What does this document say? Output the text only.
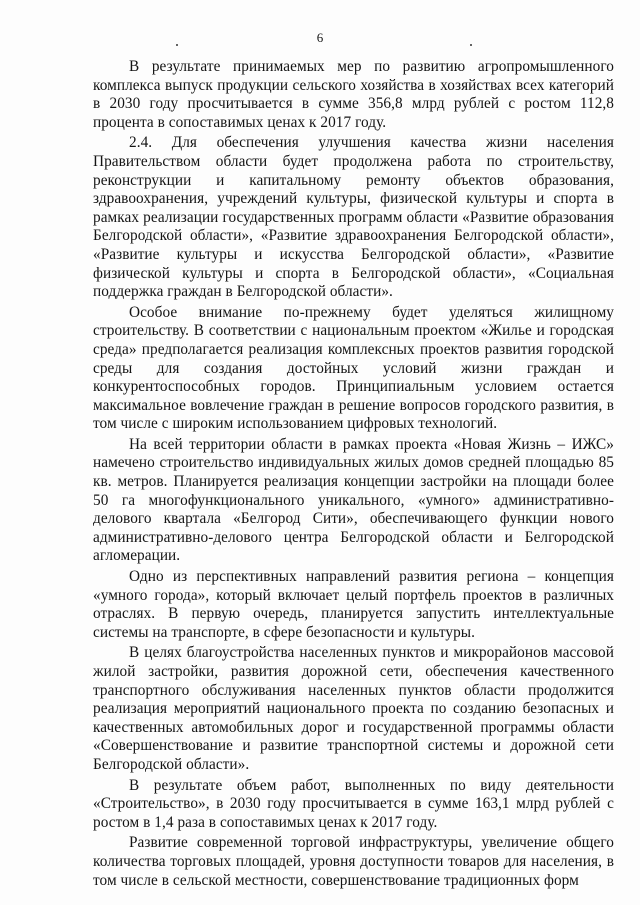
6

В результате принимаемых мер по развитию агропромышленного комплекса выпуск продукции сельского хозяйства в хозяйствах всех категорий в 2030 году просчитывается в сумме 356,8 млрд рублей с ростом 112,8 процента в сопоставимых ценах к 2017 году.

2.4. Для обеспечения улучшения качества жизни населения Правительством области будет продолжена работа по строительству, реконструкции и капитальному ремонту объектов образования, здравоохранения, учреждений культуры, физической культуры и спорта в рамках реализации государственных программ области «Развитие образования Белгородской области», «Развитие здравоохранения Белгородской области», «Развитие культуры и искусства Белгородской области», «Развитие физической культуры и спорта в Белгородской области», «Социальная поддержка граждан в Белгородской области».

Особое внимание по-прежнему будет уделяться жилищному строительству. В соответствии с национальным проектом «Жилье и городская среда» предполагается реализация комплексных проектов развития городской среды для создания достойных условий жизни граждан и конкурентоспособных городов. Принципиальным условием остается максимальное вовлечение граждан в решение вопросов городского развития, в том числе с широким использованием цифровых технологий.

На всей территории области в рамках проекта «Новая Жизнь – ИЖС» намечено строительство индивидуальных жилых домов средней площадью 85 кв. метров. Планируется реализация концепции застройки на площади более 50 га многофункционального уникального, «умного» административно-делового квартала «Белгород Сити», обеспечивающего функции нового административно-делового центра Белгородской области и Белгородской агломерации.

Одно из перспективных направлений развития региона – концепция «умного города», который включает целый портфель проектов в различных отраслях. В первую очередь, планируется запустить интеллектуальные системы на транспорте, в сфере безопасности и культуры.

В целях благоустройства населенных пунктов и микрорайонов массовой жилой застройки, развития дорожной сети, обеспечения качественного транспортного обслуживания населенных пунктов области продолжится реализация мероприятий национального проекта по созданию безопасных и качественных автомобильных дорог и государственной программы области «Совершенствование и развитие транспортной системы и дорожной сети Белгородской области».

В результате объем работ, выполненных по виду деятельности «Строительство», в 2030 году просчитывается в сумме 163,1 млрд рублей с ростом в 1,4 раза в сопоставимых ценах к 2017 году.

Развитие современной торговой инфраструктуры, увеличение общего количества торговых площадей, уровня доступности товаров для населения, в том числе в сельской местности, совершенствование традиционных форм
